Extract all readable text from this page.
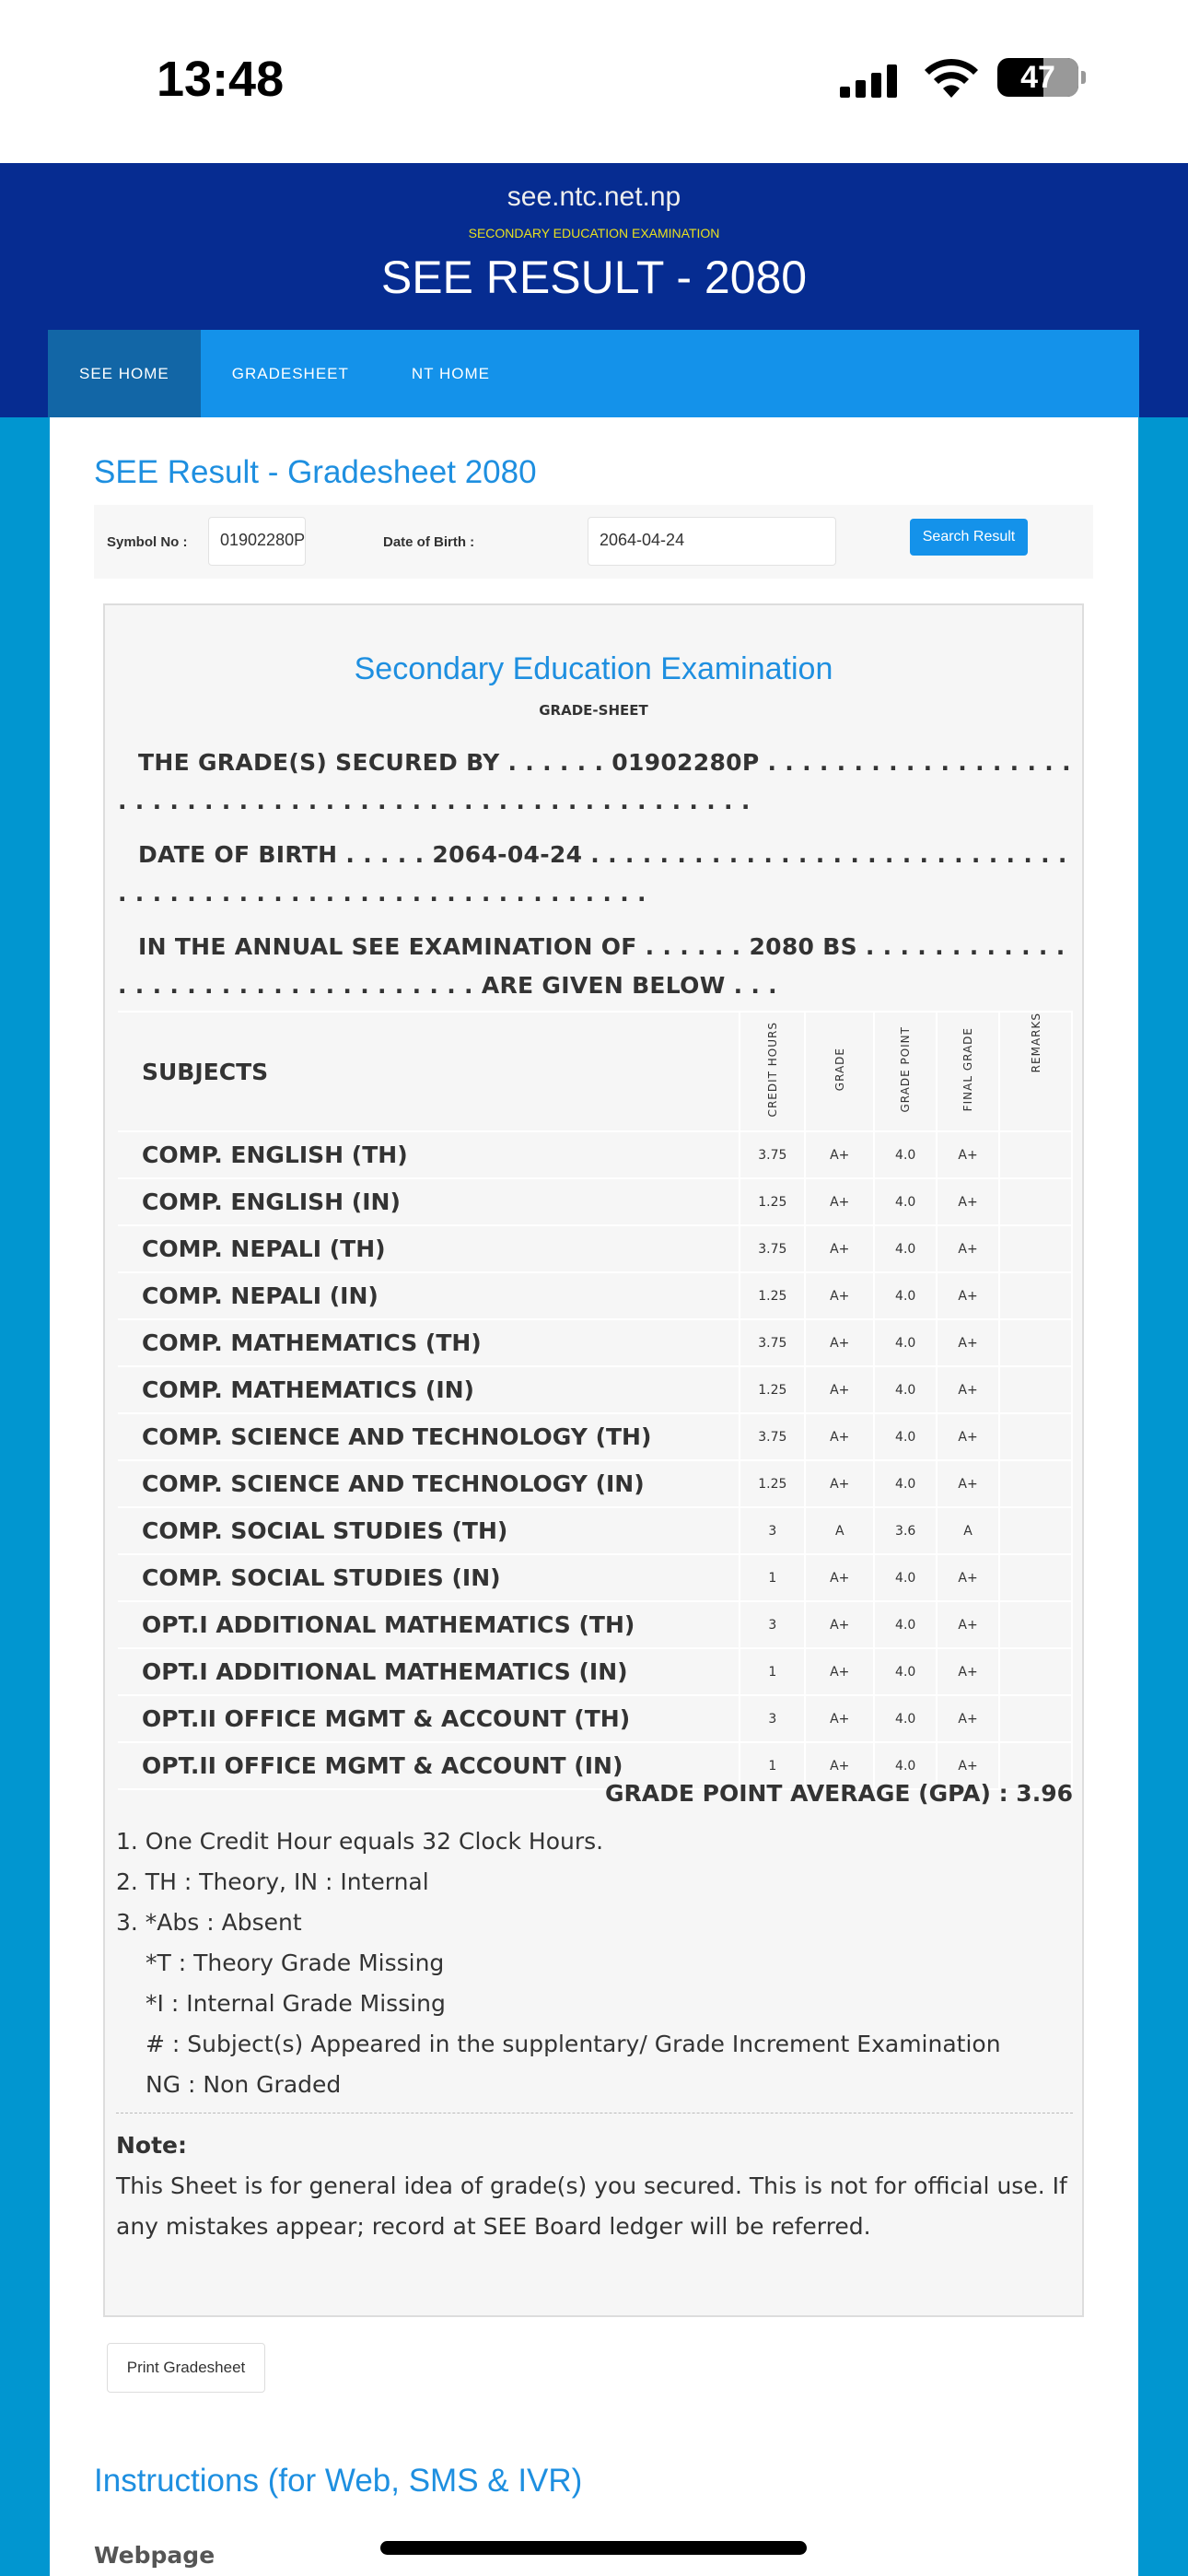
13:48	47
see.ntc.net.np
SECONDARY EDUCATION EXAMINATION
SEE RESULT - 2080
SEE HOME	GRADESHEET	NT HOME
SEE Result - Gradesheet 2080
Symbol No :	01902280P	Date of Birth :	2064-04-24	Search Result
Secondary Education Examination
GRADE-SHEET
THE GRADE(S) SECURED BY . . . . . . 01902280P . . . . . . . . . . . . . . . . . . . . . . . . . . . . . . . . . . . . . . . . . . . . . . . . . . . . . . .
DATE OF BIRTH . . . . . 2064-04-24 . . . . . . . . . . . . . . . . . . . . . . . . . . . . . . . . . . . . . . . . . . . . . . . . . . . . . . . . . . .
IN THE ANNUAL SEE EXAMINATION OF . . . . . . 2080 BS . . . . . . . . . . . . . . . . . . . . . . . . . . . . . . . . . ARE GIVEN BELOW . . .
SUBJECTS	CREDIT HOURS	GRADE	GRADE POINT	FINAL GRADE	REMARKS
COMP. ENGLISH (TH)	3.75	A+	4.0	A+	
COMP. ENGLISH (IN)	1.25	A+	4.0	A+	
COMP. NEPALI (TH)	3.75	A+	4.0	A+	
COMP. NEPALI (IN)	1.25	A+	4.0	A+	
COMP. MATHEMATICS (TH)	3.75	A+	4.0	A+	
COMP. MATHEMATICS (IN)	1.25	A+	4.0	A+	
COMP. SCIENCE AND TECHNOLOGY (TH)	3.75	A+	4.0	A+	
COMP. SCIENCE AND TECHNOLOGY (IN)	1.25	A+	4.0	A+	
COMP. SOCIAL STUDIES (TH)	3	A	3.6	A	
COMP. SOCIAL STUDIES (IN)	1	A+	4.0	A+	
OPT.I ADDITIONAL MATHEMATICS (TH)	3	A+	4.0	A+	
OPT.I ADDITIONAL MATHEMATICS (IN)	1	A+	4.0	A+	
OPT.II OFFICE MGMT & ACCOUNT (TH)	3	A+	4.0	A+	
OPT.II OFFICE MGMT & ACCOUNT (IN)	1	A+	4.0	A+	
GRADE POINT AVERAGE (GPA) : 3.96
1. One Credit Hour equals 32 Clock Hours.
2. TH : Theory, IN : Internal
3. *Abs : Absent
*T : Theory Grade Missing
*I : Internal Grade Missing
# : Subject(s) Appeared in the supplentary/ Grade Increment Examination
NG : Non Graded
Note:
This Sheet is for general idea of grade(s) you secured. This is not for official use. If any mistakes appear; record at SEE Board ledger will be referred.
Print Gradesheet
Instructions (for Web, SMS & IVR)
Webpage
